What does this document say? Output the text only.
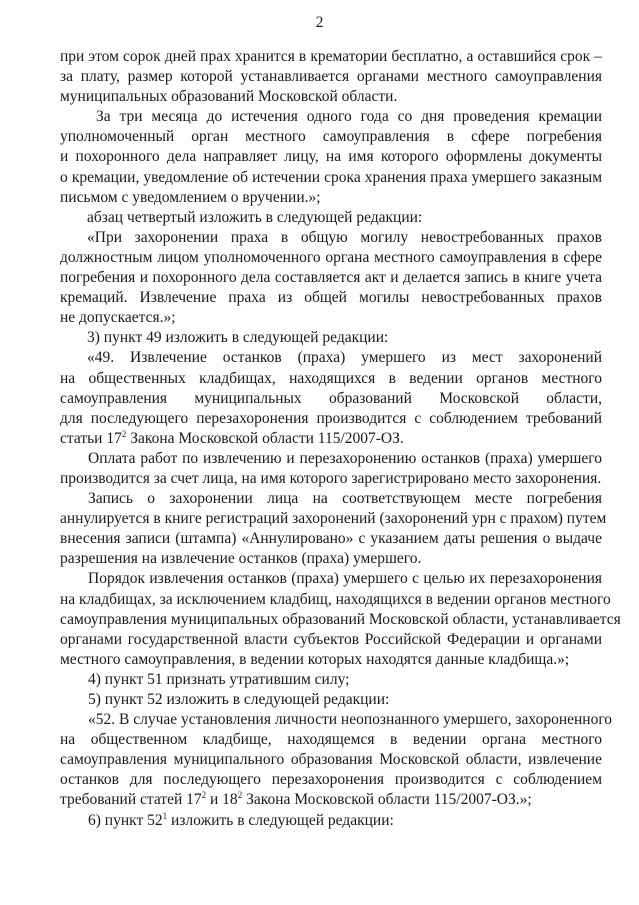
2
при этом сорок дней прах хранится в крематории бесплатно, а оставшийся срок –
за плату, размер которой устанавливается органами местного самоуправления
муниципальных образований Московской области.
За три месяца до истечения одного года со дня проведения кремации
уполномоченный орган местного самоуправления в сфере погребения
и похоронного дела направляет лицу, на имя которого оформлены документы
о кремации, уведомление об истечении срока хранения праха умершего заказным
письмом с уведомлением о вручении.»;
абзац четвертый изложить в следующей редакции:
«При захоронении праха в общую могилу невостребованных прахов
должностным лицом уполномоченного органа местного самоуправления в сфере
погребения и похоронного дела составляется акт и делается запись в книге учета
кремаций. Извлечение праха из общей могилы невостребованных прахов
не допускается.»;
3) пункт 49 изложить в следующей редакции:
«49. Извлечение останков (праха) умершего из мест захоронений
на общественных кладбищах, находящихся в ведении органов местного
самоуправления муниципальных образований Московской области,
для последующего перезахоронения производится с соблюдением требований
статьи $17^2$ Закона Московской области 115/2007-ОЗ.
Оплата работ по извлечению и перезахоронению останков (праха) умершего
производится за счет лица, на имя которого зарегистрировано место захоронения.
Запись о захоронении лица на соответствующем месте погребения
аннулируется в книге регистраций захоронений (захоронений урн с прахом) путем
внесения записи (штампа) «Аннулировано» с указанием даты решения о выдаче
разрешения на извлечение останков (праха) умершего.
Порядок извлечения останков (праха) умершего с целью их перезахоронения
на кладбищах, за исключением кладбищ, находящихся в ведении органов местного
самоуправления муниципальных образований Московской области, устанавливается
органами государственной власти субъектов Российской Федерации и органами
местного самоуправления, в ведении которых находятся данные кладбища.»;
4) пункт 51 признать утратившим силу;
5) пункт 52 изложить в следующей редакции:
«52. В случае установления личности неопознанного умершего, захороненного
на общественном кладбище, находящемся в ведении органа местного
самоуправления муниципального образования Московской области, извлечение
останков для последующего перезахоронения производится с соблюдением
требований статей $17^2$ и $18^2$ Закона Московской области 115/2007-ОЗ.»;
6) пункт $52^1$ изложить в следующей редакции:
